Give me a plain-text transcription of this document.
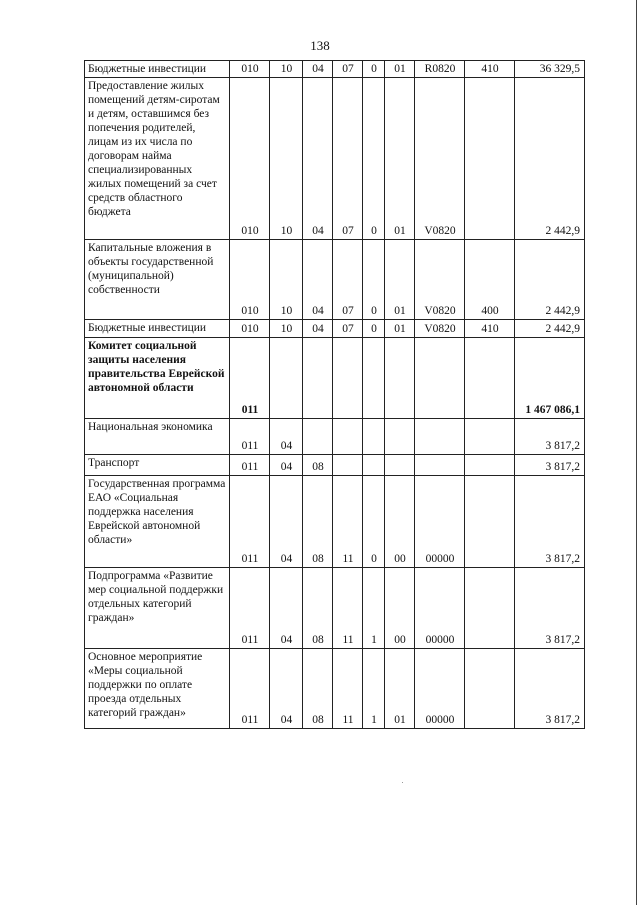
138
Бюджетные инвестиции	010	10	04	07	0	01	R0820	410	36 329,5
Предоставление жилых помещений детям-сиротам и детям, оставшимся без попечения родителей, лицам из их числа по договорам найма специализированных жилых помещений за счет средств областного бюджета	010	10	04	07	0	01	V0820		2 442,9
Капитальные вложения в объекты государственной (муниципальной) собственности	010	10	04	07	0	01	V0820	400	2 442,9
Бюджетные инвестиции	010	10	04	07	0	01	V0820	410	2 442,9
Комитет социальной защиты населения правительства Еврейской автономной области	011								1 467 086,1
Национальная экономика	011	04							3 817,2
Транспорт	011	04	08						3 817,2
Государственная программа ЕАО «Социальная поддержка населения Еврейской автономной области»	011	04	08	11	0	00	00000		3 817,2
Подпрограмма «Развитие мер социальной поддержки отдельных категорий граждан»	011	04	08	11	1	00	00000		3 817,2
Основное мероприятие «Меры социальной поддержки по оплате проезда отдельных категорий граждан»	011	04	08	11	1	01	00000		3 817,2
